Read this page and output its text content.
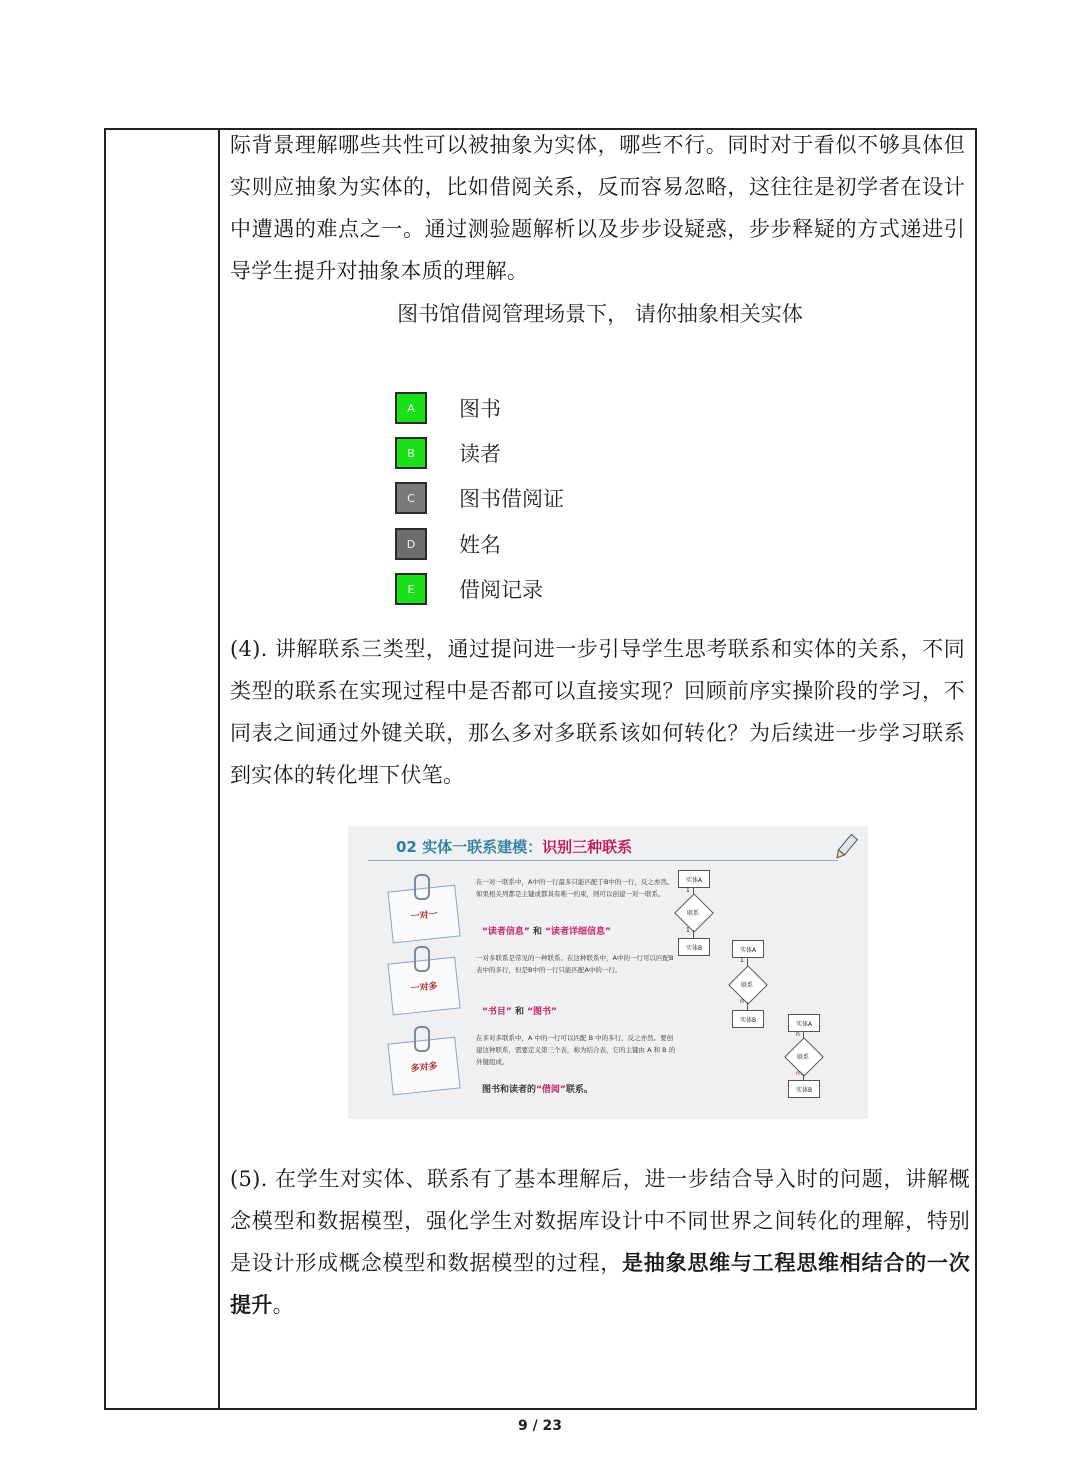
际背景理解哪些共性可以被抽象为实体，哪些不行。同时对于看似不够具体但实则应抽象为实体的，比如借阅关系，反而容易忽略，这往往是初学者在设计中遭遇的难点之一。通过测验题解析以及步步设疑惑，步步释疑的方式递进引导学生提升对抽象本质的理解。

图书馆借阅管理场景下， 请你抽象相关实体
A	图书
B	读者
C	图书借阅证
D	姓名
E	借阅记录

(4). 讲解联系三类型，通过提问进一步引导学生思考联系和实体的关系，不同类型的联系在实现过程中是否都可以直接实现？回顾前序实操阶段的学习，不同表之间通过外键关联，那么多对多联系该如何转化？为后续进一步学习联系到实体的转化埋下伏笔。

02 实体一联系建模：识别三种联系
一对一
一对多
多对多
在一对一联系中，A中的一行最多只能匹配于B中的一行，反之亦然。如果相关列都是主键或都具有唯一约束，则可以创建一对一联系。
“读者信息” 和 “读者详细信息”
一对多联系是常见的一种联系。在这种联系中，A中的一行可以匹配B表中的多行，但是B中的一行只能匹配A中的一行。
“书目” 和 “图书”
在多对多联系中，A 中的一行可以匹配 B 中的多行，反之亦然。要创建这种联系，需要定义第三个表，称为结合表，它的主键由 A 和 B 的外键组成。
图书和读者的“借阅”联系。
实体A
1
联系
1
实体B	实体A
1
联系
n
实体B
实体A
n
联系
m
实体B

(5). 在学生对实体、联系有了基本理解后，进一步结合导入时的问题，讲解概念模型和数据模型，强化学生对数据库设计中不同世界之间转化的理解，特别是设计形成概念模型和数据模型的过程，是抽象思维与工程思维相结合的一次提升。

9 / 23
